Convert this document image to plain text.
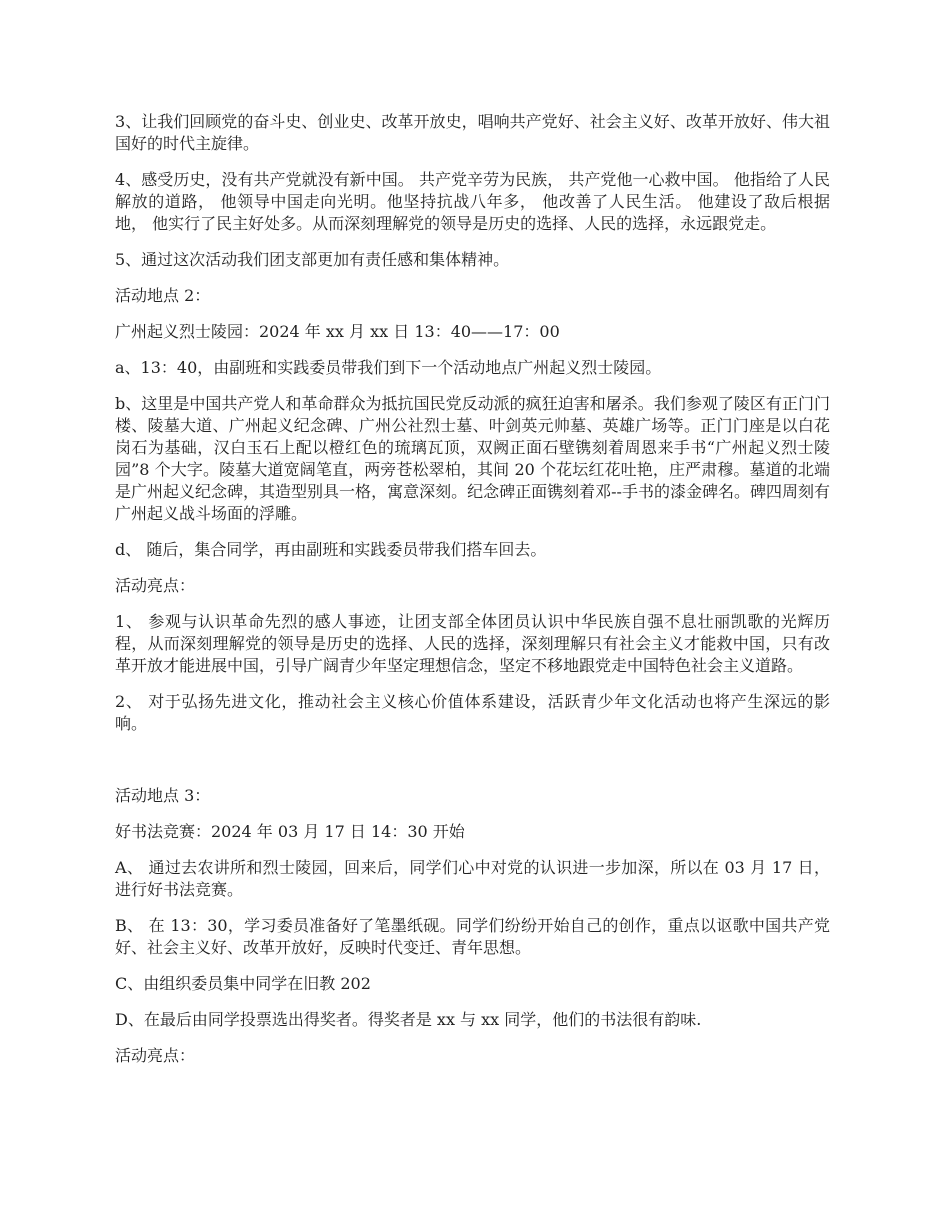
3、让我们回顾党的奋斗史、创业史、改革开放史，唱响共产党好、社会主义好、改革开放好、伟大祖国好的时代主旋律。

4、感受历史，没有共产党就没有新中国。 共产党辛劳为民族， 共产党他一心救中国。 他指给了人民解放的道路， 他领导中国走向光明。他坚持抗战八年多， 他改善了人民生活。 他建设了敌后根据地， 他实行了民主好处多。从而深刻理解党的领导是历史的选择、人民的选择，永远跟党走。

5、通过这次活动我们团支部更加有责任感和集体精神。

活动地点 2：

广州起义烈士陵园：2024 年 xx 月 xx 日 13：40——17：00

a、13：40，由副班和实践委员带我们到下一个活动地点广州起义烈士陵园。

b、这里是中国共产党人和革命群众为抵抗国民党反动派的疯狂迫害和屠杀。我们参观了陵区有正门门楼、陵墓大道、广州起义纪念碑、广州公社烈士墓、叶剑英元帅墓、英雄广场等。正门门座是以白花岗石为基础，汉白玉石上配以橙红色的琉璃瓦顶，双阙正面石壁镌刻着周恩来手书“广州起义烈士陵园”8 个大字。陵墓大道宽阔笔直，两旁苍松翠柏，其间 20 个花坛红花吐艳，庄严肃穆。墓道的北端是广州起义纪念碑，其造型别具一格，寓意深刻。纪念碑正面镌刻着邓--手书的漆金碑名。碑四周刻有广州起义战斗场面的浮雕。

d、 随后，集合同学，再由副班和实践委员带我们搭车回去。

活动亮点：

1、 参观与认识革命先烈的感人事迹，让团支部全体团员认识中华民族自强不息壮丽凯歌的光辉历程，从而深刻理解党的领导是历史的选择、人民的选择，深刻理解只有社会主义才能救中国，只有改革开放才能进展中国，引导广阔青少年坚定理想信念，坚定不移地跟党走中国特色社会主义道路。

2、 对于弘扬先进文化，推动社会主义核心价值体系建设，活跃青少年文化活动也将产生深远的影响。

活动地点 3：

好书法竞赛：2024 年 03 月 17 日 14：30 开始

A、 通过去农讲所和烈士陵园，回来后，同学们心中对党的认识进一步加深，所以在 03 月 17 日，进行好书法竞赛。

B、 在 13：30，学习委员准备好了笔墨纸砚。同学们纷纷开始自己的创作，重点以讴歌中国共产党好、社会主义好、改革开放好，反映时代变迁、青年思想。

C、由组织委员集中同学在旧教 202

D、在最后由同学投票选出得奖者。得奖者是 xx 与 xx 同学，他们的书法很有韵味.

活动亮点：
